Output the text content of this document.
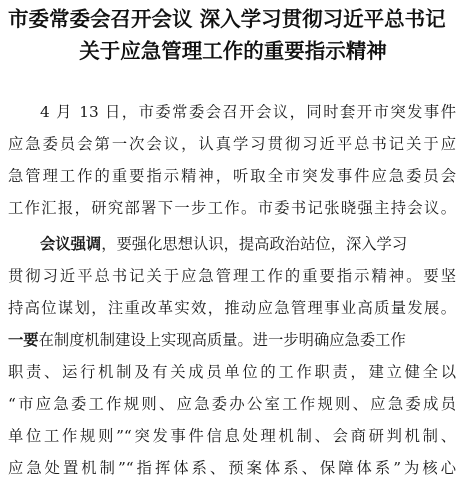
市委常委会召开会议 深入学习贯彻习近平总书记
关于应急管理工作的重要指示精神
4 月 13 日，市委常委会召开会议，同时套开市突发事件
应急委员会第一次会议，认真学习贯彻习近平总书记关于应
急管理工作的重要指示精神，听取全市突发事件应急委员会
工作汇报，研究部署下一步工作。市委书记张晓强主持会议。
会议强调，要强化思想认识，提高政治站位，深入学习
贯彻习近平总书记关于应急管理工作的重要指示精神。要坚
持高位谋划，注重改革实效，推动应急管理事业高质量发展。
一要在制度机制建设上实现高质量。进一步明确应急委工作
职责、运行机制及有关成员单位的工作职责，建立健全以
“市应急委工作规则、应急委办公室工作规则、应急委成员
单位工作规则”“突发事件信息处理机制、会商研判机制、
应急处置机制”“指挥体系、预案体系、保障体系”为核心
